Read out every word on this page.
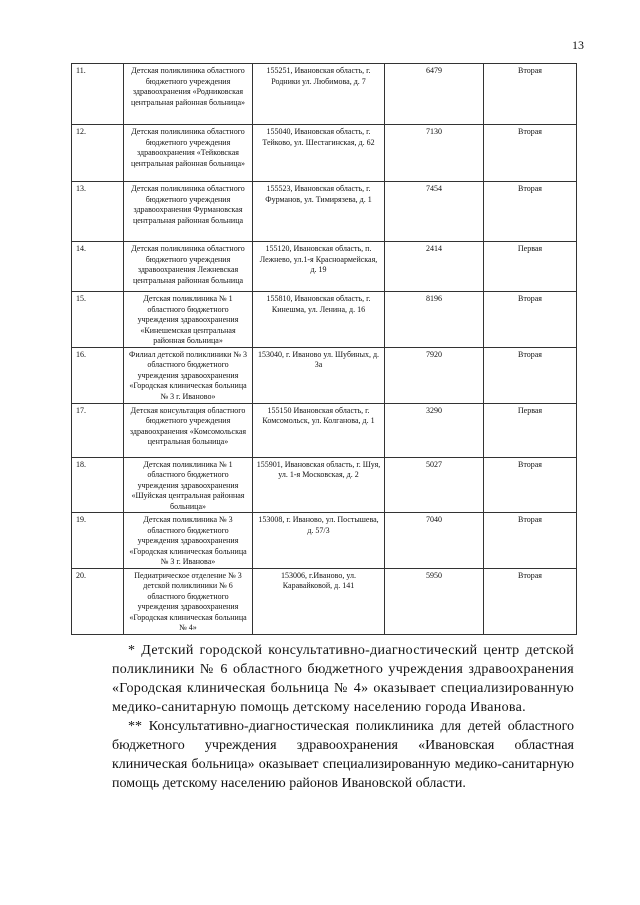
13
11.	Детская поликлиника областного бюджетного учреждения здравоохранения «Родниковская центральная районная больница»	155251, Ивановская область, г. Родники ул. Любимова, д. 7	6479	Вторая
12.	Детская поликлиника областного бюджетного учреждения здравоохранения «Тейковская центральная районная больница»	155040, Ивановская область, г. Тейково, ул. Шестагинская, д. 62	7130	Вторая
13.	Детская поликлиника областного бюджетного учреждения здравоохранения Фурмановская центральная районная больница	155523, Ивановская область, г. Фурманов, ул. Тимирязева, д. 1	7454	Вторая
14.	Детская поликлиника областного бюджетного учреждения здравоохранения Лежневская центральная районная больница	155120, Ивановская область, п. Лежнево, ул.1-я Красноармейская, д. 19	2414	Первая
15.	Детская поликлиника № 1 областного бюджетного учреждения здравоохранения «Кинешемская центральная районная больница»	155810, Ивановская область, г. Кинешма, ул. Ленина, д. 16	8196	Вторая
16.	Филиал детской поликлиники № 3 областного бюджетного учреждения здравоохранения «Городская клиническая больница № 3 г. Иваново»	153040, г. Иваново ул. Шубиных, д. 3а	7920	Вторая
17.	Детская консультация областного бюджетного учреждения здравоохранения «Комсомольская центральная больница»	155150 Ивановская область, г. Комсомольск, ул. Колганова, д. 1	3290	Первая
18.	Детская поликлиника № 1 областного бюджетного учреждения здравоохранения «Шуйская центральная районная больница»	155901, Ивановская область, г. Шуя, ул. 1-я Московская, д. 2	5027	Вторая
19.	Детская поликлиника № 3 областного бюджетного учреждения здравоохранения «Городская клиническая больница № 3 г. Иванова»	153008, г. Иваново, ул. Постышева, д. 57/3	7040	Вторая
20.	Педиатрическое отделение № 3 детской поликлиники № 6 областного бюджетного учреждения здравоохранения «Городская клиническая больница № 4»	153006, г.Иваново, ул. Каравайковой, д. 141	5950	Вторая

* Детский городской консультативно-диагностический центр детской поликлиники № 6 областного бюджетного учреждения здравоохранения «Городская клиническая больница № 4» оказывает специализированную медико-санитарную помощь детскому населению города Иванова.

** Консультативно-диагностическая поликлиника для детей областного бюджетного учреждения здравоохранения «Ивановская областная клиническая больница» оказывает специализированную медико-санитарную помощь детскому населению районов Ивановской области.
